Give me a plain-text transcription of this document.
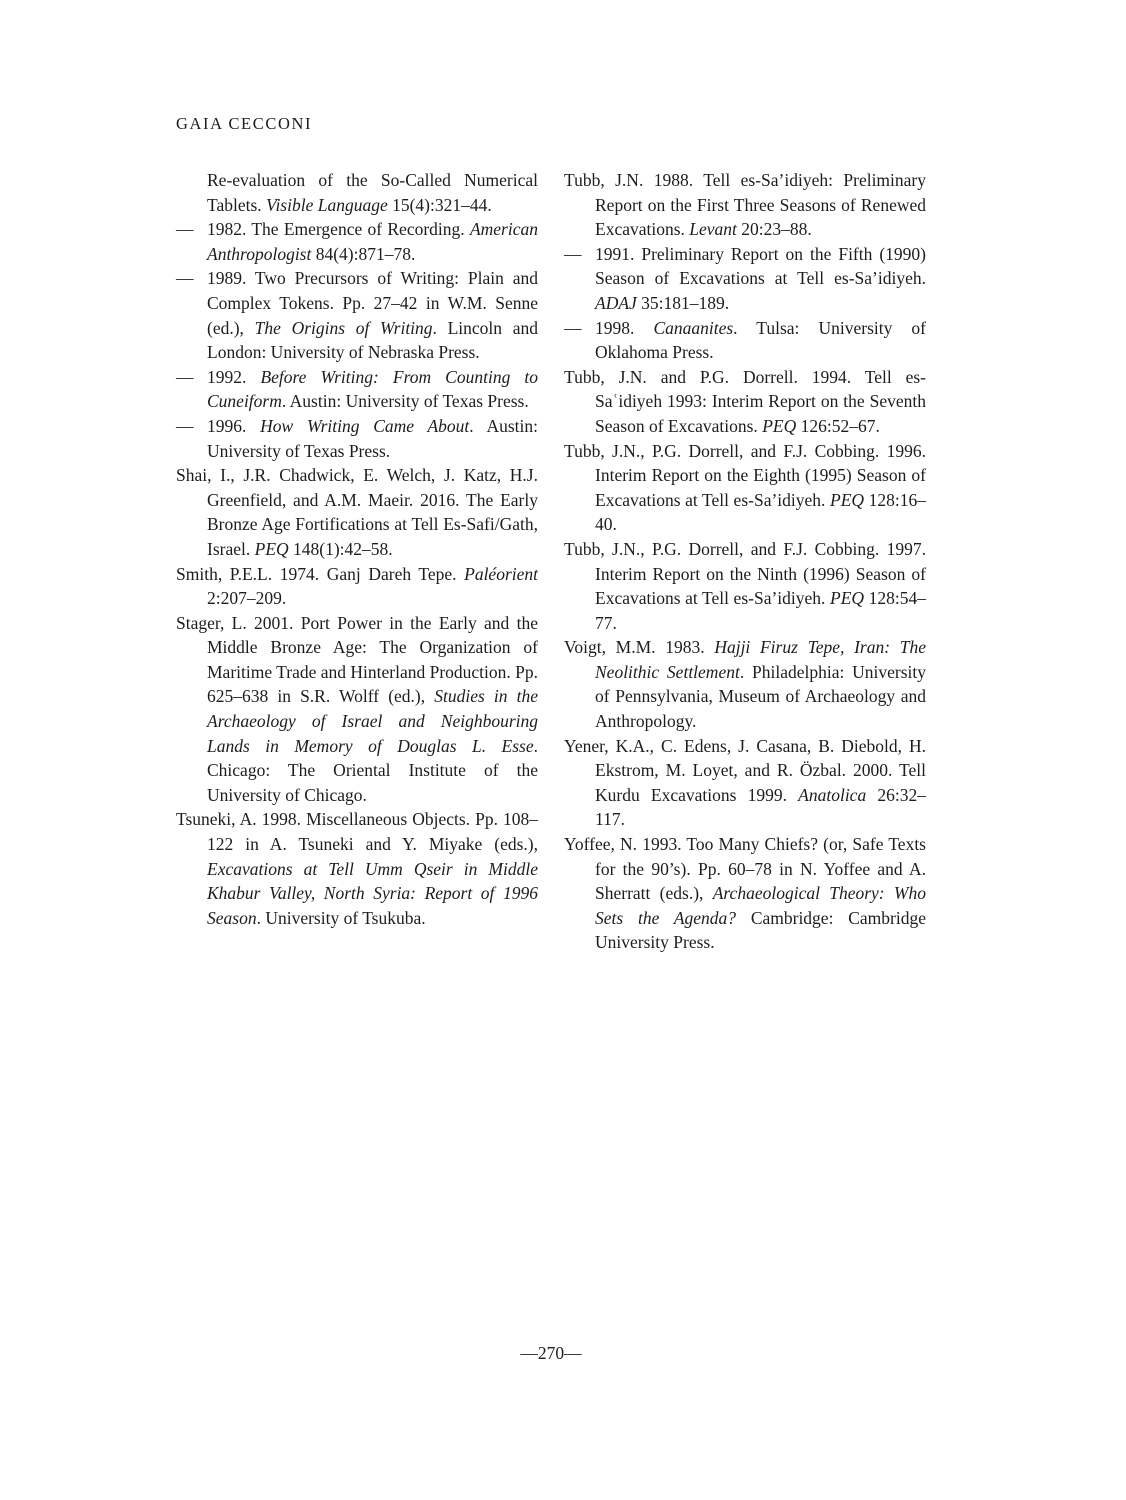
GAIA CECCONI

Re-evaluation of the So-Called Numerical Tablets. Visible Language 15(4):321–44.

— 1982. The Emergence of Recording. American Anthropologist 84(4):871–78.

— 1989. Two Precursors of Writing: Plain and Complex Tokens. Pp. 27–42 in W.M. Senne (ed.), The Origins of Writing. Lincoln and London: University of Nebraska Press.

— 1992. Before Writing: From Counting to Cuneiform. Austin: University of Texas Press.

— 1996. How Writing Came About. Austin: University of Texas Press.

Shai, I., J.R. Chadwick, E. Welch, J. Katz, H.J. Greenfield, and A.M. Maeir. 2016. The Early Bronze Age Fortifications at Tell Es-Safi/Gath, Israel. PEQ 148(1):42–58.

Smith, P.E.L. 1974. Ganj Dareh Tepe. Paléorient 2:207–209.

Stager, L. 2001. Port Power in the Early and the Middle Bronze Age: The Organization of Maritime Trade and Hinterland Production. Pp. 625–638 in S.R. Wolff (ed.), Studies in the Archaeology of Israel and Neighbouring Lands in Memory of Douglas L. Esse. Chicago: The Oriental Institute of the University of Chicago.

Tsuneki, A. 1998. Miscellaneous Objects. Pp. 108–122 in A. Tsuneki and Y. Miyake (eds.), Excavations at Tell Umm Qseir in Middle Khabur Valley, North Syria: Report of 1996 Season. University of Tsukuba.

Tubb, J.N. 1988. Tell es-Sa’idiyeh: Preliminary Report on the First Three Seasons of Renewed Excavations. Levant 20:23–88.

— 1991. Preliminary Report on the Fifth (1990) Season of Excavations at Tell es-Sa’idiyeh. ADAJ 35:181–189.

— 1998. Canaanites. Tulsa: University of Oklahoma Press.

Tubb, J.N. and P.G. Dorrell. 1994. Tell es-Saʿidiyeh 1993: Interim Report on the Seventh Season of Excavations. PEQ 126:52–67.

Tubb, J.N., P.G. Dorrell, and F.J. Cobbing. 1996. Interim Report on the Eighth (1995) Season of Excavations at Tell es-Sa’idiyeh. PEQ 128:16–40.

Tubb, J.N., P.G. Dorrell, and F.J. Cobbing. 1997. Interim Report on the Ninth (1996) Season of Excavations at Tell es-Sa’idiyeh. PEQ 128:54–77.

Voigt, M.M. 1983. Hajji Firuz Tepe, Iran: The Neolithic Settlement. Philadelphia: University of Pennsylvania, Museum of Archaeology and Anthropology.

Yener, K.A., C. Edens, J. Casana, B. Diebold, H. Ekstrom, M. Loyet, and R. Özbal. 2000. Tell Kurdu Excavations 1999. Anatolica 26:32–117.

Yoffee, N. 1993. Too Many Chiefs? (or, Safe Texts for the 90’s). Pp. 60–78 in N. Yoffee and A. Sherratt (eds.), Archaeological Theory: Who Sets the Agenda? Cambridge: Cambridge University Press.

—270—
